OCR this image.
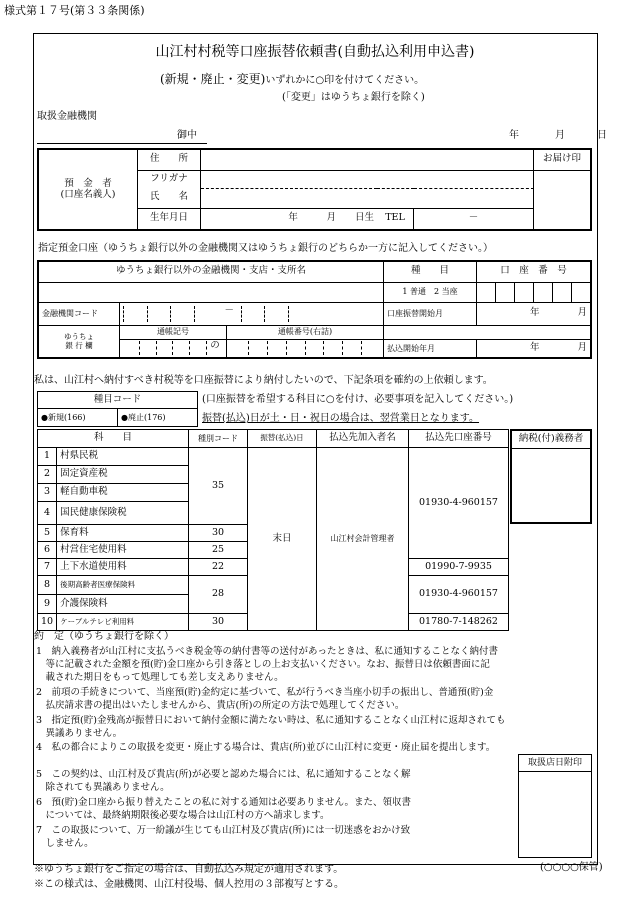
様式第１７号(第３３条関係)
山江村村税等口座振替依頼書(自動払込利用申込書)
(新規・廃止・変更)いずれかに○印を付けてください。
(「変更」はゆうちょ銀行を除く)
取扱金融機関
御中	年	月	日
預　金　者
(口座名義人)	住　　所				お届け印
	フリガナ				
	氏　　名				
	生年月日	年　　　 月　　 日生	TEL	－	
指定預金口座（ゆうちょ銀行以外の金融機関又はゆうちょ銀行のどちらか一方に記入してください。）
ゆうちょ銀行以外の金融機関・支店・支所名			種　　目	口　座　番　号					
			1 普通　2 当座						
金融機関コード	－		口座振替開始月	年　　　　 月					

ゆうちょ
銀 行 欄	通帳記号	通帳番号(右詰)							

	の		払込開始年月	年　　　　 月					
私は、山江村へ納付すべき村税等を口座振替により納付したいので、下記条項を確約の上依頼します。
種目コード
●新規(166)	●廃止(176)
(口座振替を希望する科目に○を付け、必要事項を記入してください。)
振替(払込)日が土・日・祝日の場合は、翌営業日となります。
科　　目		種別コード	振替(払込)日	払込先加入者名	払込先口座番号
1	村県民税	35	末日	山江村会計管理者	01930-4-960157
2	固定資産税				
3	軽自動車税				
4	国民健康保険税				
5	保育料	30			
6	村営住宅使用料	25			
7	上下水道使用料	22			01990-7-9935
8	後期高齢者医療保険料	28			01930-4-960157
9	介護保険料				
10	ケーブルテレビ利用料	30			01780-7-148262
納税(付)義務者

約　定（ゆうちょ銀行を除く）

1　納入義務者が山江村に支払うべき税金等の納付書等の送付があったときは、私に通知することなく納付書

　等に記載された金額を預(貯)金口座から引き落としの上お支払いください。なお、振替日は依頼書面に記

　載された期日をもって処理しても差し支えありません。

2　前項の手続きについて、当座預(貯)金約定に基づいて、私が行うべき当座小切手の振出し、普通預(貯)金

　払戻請求書の提出はいたしませんから、貴店(所)の所定の方法で処理してください。

3　指定預(貯)金残高が振替日において納付金額に満たない時は、私に通知することなく山江村に返却されても

　異議ありません。

4　私の都合によりこの取扱を変更・廃止する場合は、貴店(所)並びに山江村に変更・廃止届を提出します。

5　この契約は、山江村及び貴店(所)が必要と認めた場合には、私に通知することなく解

　除されても異議ありません。

6　預(貯)金口座から振り替えたことの私に対する通知は必要ありません。また、領収書

　については、最終納期限後必要な場合は山江村の方へ請求します。

7　この取扱について、万一紛議が生じても山江村及び貴店(所)には一切迷惑をおかけ致

　しません。

取扱店日附印
(○○○○保管)
※ゆうちょ銀行をご指定の場合は、自動払込み規定が適用されます。
※この様式は、金融機関、山江村役場、個人控用の３部複写とする。
